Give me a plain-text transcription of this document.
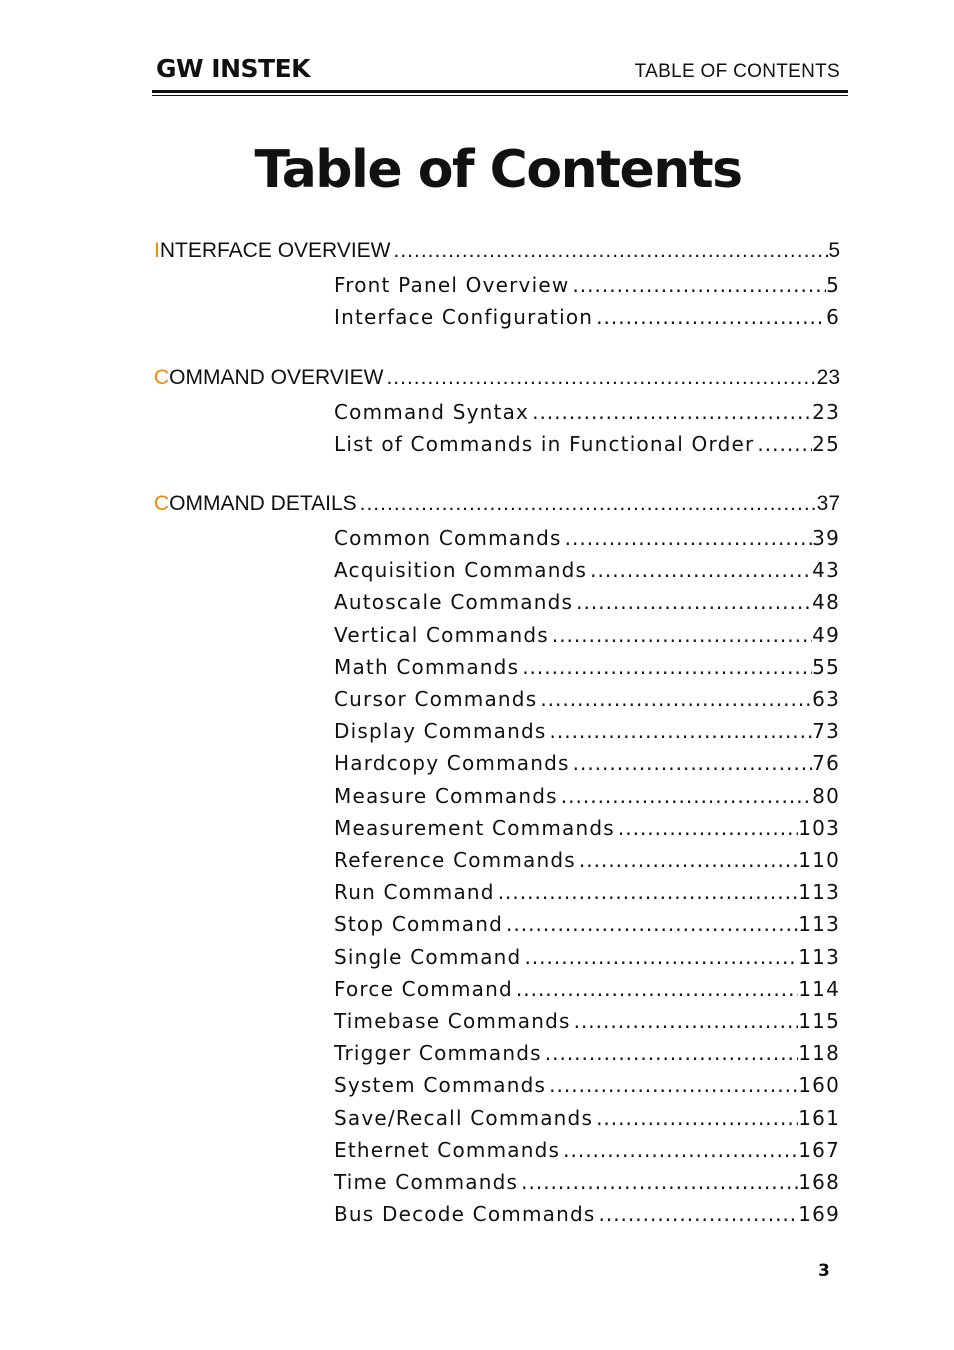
GW INSTEK	TABLE OF CONTENTS
Table of Contents
INTERFACE OVERVIEW .....	5
Front Panel Overview .....	5
Interface Configuration .....	6
COMMAND OVERVIEW .....	23
Command Syntax .....	23
List of Commands in Functional Order .....	25
COMMAND DETAILS .....	37
Common Commands .....	39
Acquisition Commands .....	43
Autoscale Commands .....	48
Vertical Commands .....	49
Math Commands .....	55
Cursor Commands .....	63
Display Commands .....	73
Hardcopy Commands .....	76
Measure Commands .....	80
Measurement Commands .....	103
Reference Commands .....	110
Run Command .....	113
Stop Command .....	113
Single Command .....	113
Force Command .....	114
Timebase Commands .....	115
Trigger Commands .....	118
System Commands .....	160
Save/Recall Commands .....	161
Ethernet Commands .....	167
Time Commands .....	168
Bus Decode Commands .....	169
3
